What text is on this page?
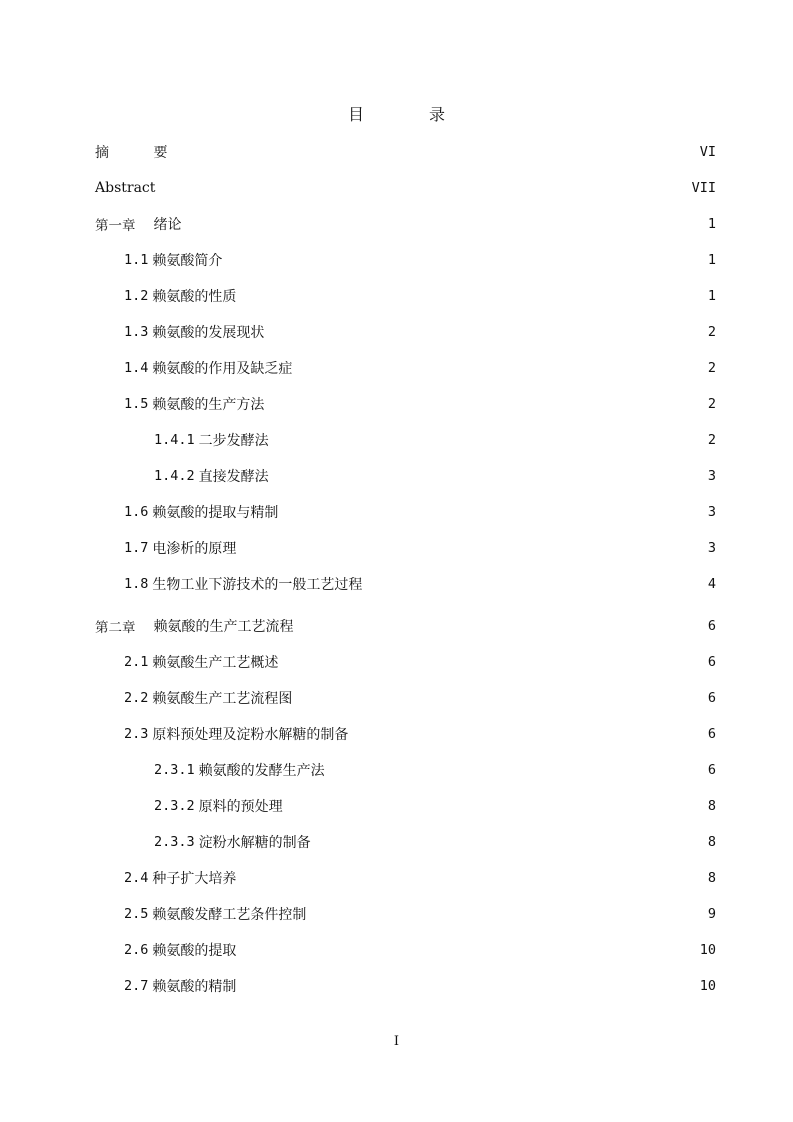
目 录
摘 要	VI
Abstract	VII
第一章 绪论	1
1.1 赖氨酸简介	1
1.2 赖氨酸的性质	1
1.3 赖氨酸的发展现状	2
1.4 赖氨酸的作用及缺乏症	2
1.5 赖氨酸的生产方法	2
1.4.1 二步发酵法	2
1.4.2 直接发酵法	3
1.6 赖氨酸的提取与精制	3
1.7 电渗析的原理	3
1.8 生物工业下游技术的一般工艺过程	4
第二章 赖氨酸的生产工艺流程	6
2.1 赖氨酸生产工艺概述	6
2.2 赖氨酸生产工艺流程图	6
2.3 原料预处理及淀粉水解糖的制备	6
2.3.1 赖氨酸的发酵生产法	6
2.3.2 原料的预处理	8
2.3.3 淀粉水解糖的制备	8
2.4 种子扩大培养	8
2.5 赖氨酸发酵工艺条件控制	9
2.6 赖氨酸的提取	10
2.7 赖氨酸的精制	10
I
